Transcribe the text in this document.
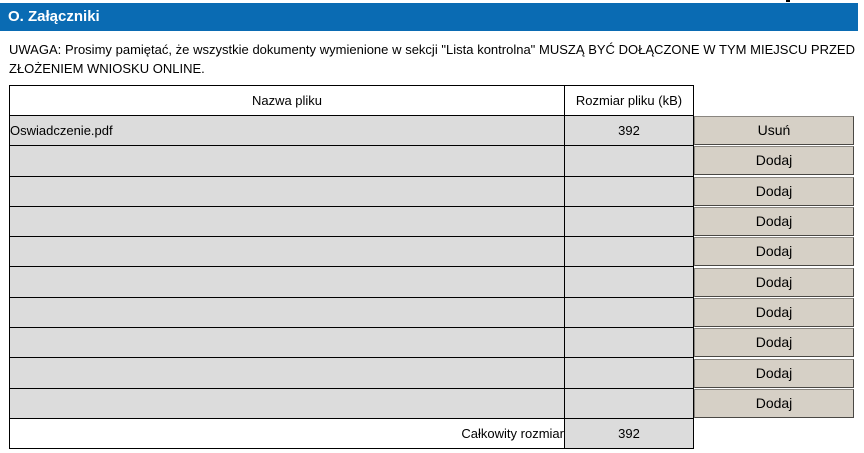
O. Załączniki
UWAGA: Prosimy pamiętać, że wszystkie dokumenty wymienione w sekcji "Lista kontrolna" MUSZĄ BYĆ DOŁĄCZONE W TYM MIEJSCU PRZED ZŁOŻENIEM WNIOSKU ONLINE.
Nazwa pliku	Rozmiar pliku (kB)	
Oswiadczenie.pdf	392	Usuń

		Dodaj

		Dodaj

		Dodaj

		Dodaj

		Dodaj

		Dodaj

		Dodaj

		Dodaj

		Dodaj

Całkowity rozmiar	392	
